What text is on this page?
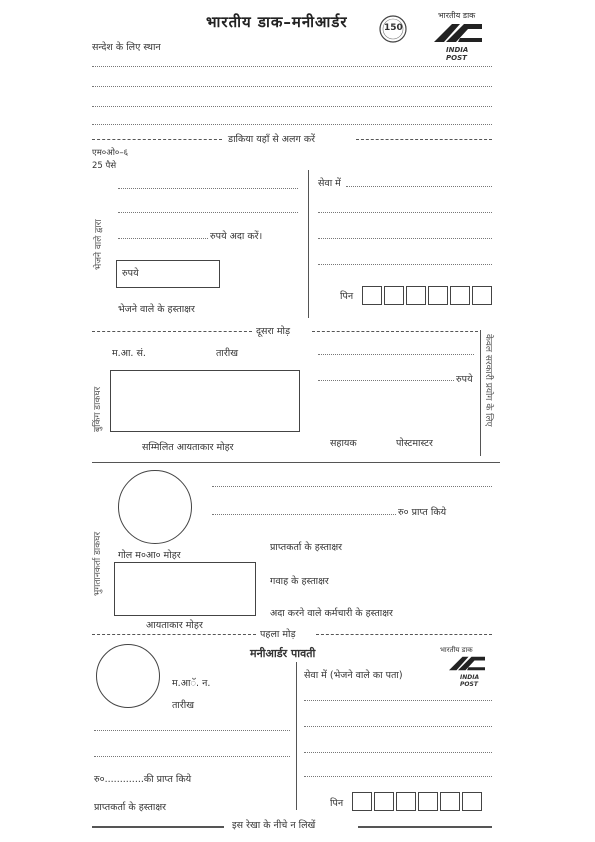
भारतीय डाक–मनीआर्डर	150
भारतीय डाक
INDIA POST
सन्देश के लिए स्थान
डाकिया यहाँ से अलग करें
एम०ओ०–६
25 पैसे
भेजने वाले द्वारा	रुपये अदा करें।
रुपये
भेजने वाले के हस्ताक्षर
सेवा में
पिन
दूसरा मोड़
बुकिंग डाकघर
म.आ. सं.	तारीख
सम्मिलित आयताकार मोहर
रुपये
सहायक	पोस्टमास्टर
केवल सरकारी प्रयोग के लिए
भुगतानकर्ता डाकघर गोल म०आ० मोहर
रु० प्राप्त किये
प्राप्तकर्ता के हस्ताक्षर
आयताकार मोहर
गवाह के हस्ताक्षर
अदा करने वाले कर्मचारी के हस्ताक्षर
पहला मोड़
मनीआर्डर पावती	भारतीय डाक
INDIA POST
म.आॅ. न.
तारीख
रु०.............की प्राप्त किये
प्राप्तकर्ता के हस्ताक्षर
सेवा में (भेजने वाले का पता)
पिन
इस रेखा के नीचे न लिखें
